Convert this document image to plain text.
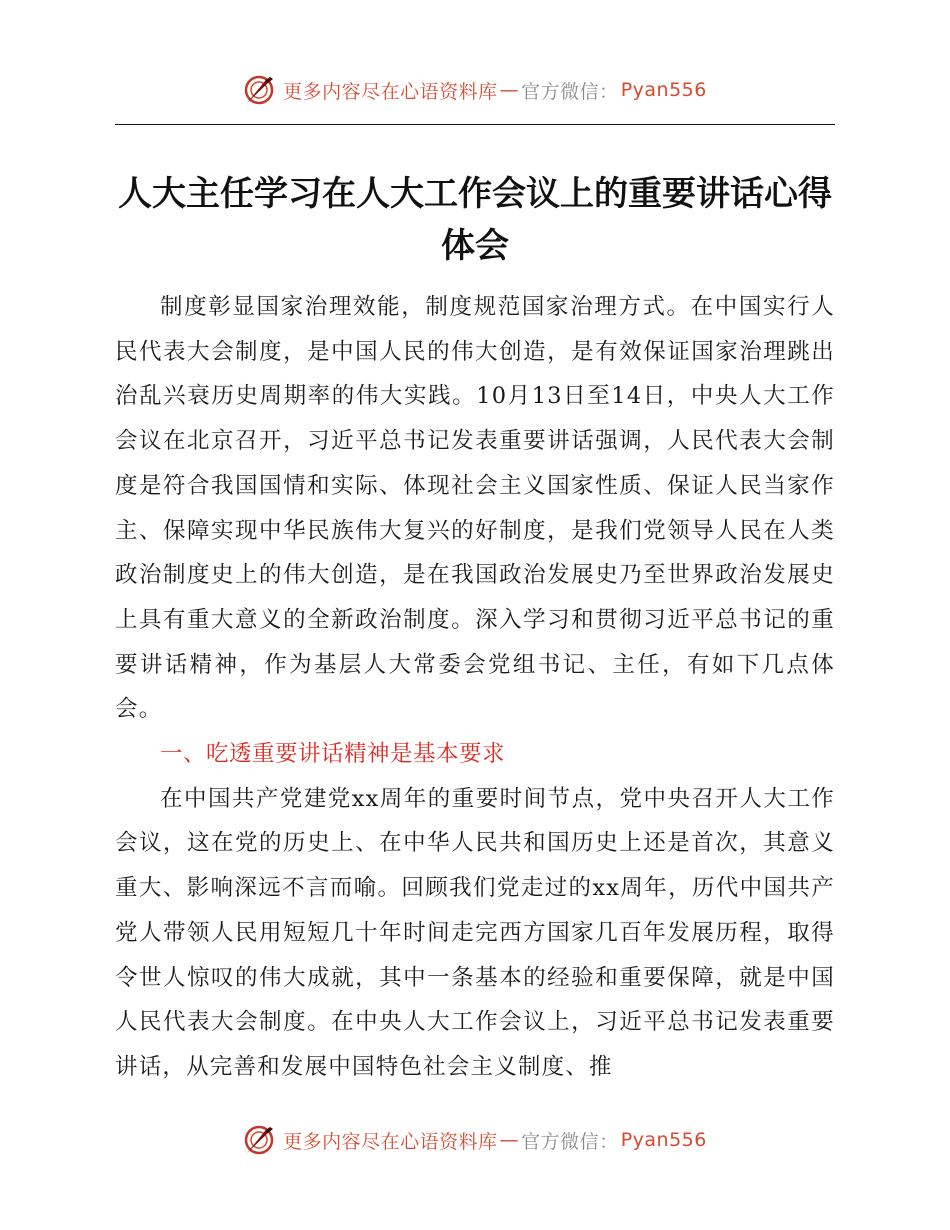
更多内容尽在心语资料库 — 官方微信： Pyan556
人大主任学习在人大工作会议上的重要讲话心得
体会

制度彰显国家治理效能，制度规范国家治理方式。在中国实行人民代表大会制度，是中国人民的伟大创造，是有效保证国家治理跳出治乱兴衰历史周期率的伟大实践。10月13日至14日，中央人大工作会议在北京召开，习近平总书记发表重要讲话强调，人民代表大会制度是符合我国国情和实际、体现社会主义国家性质、保证人民当家作主、保障实现中华民族伟大复兴的好制度，是我们党领导人民在人类政治制度史上的伟大创造，是在我国政治发展史乃至世界政治发展史上具有重大意义的全新政治制度。深入学习和贯彻习近平总书记的重要讲话精神，作为基层人大常委会党组书记、主任，有如下几点体会。

一、吃透重要讲话精神是基本要求

在中国共产党建党xx周年的重要时间节点，党中央召开人大工作会议，这在党的历史上、在中华人民共和国历史上还是首次，其意义重大、影响深远不言而喻。回顾我们党走过的xx周年，历代中国共产党人带领人民用短短几十年时间走完西方国家几百年发展历程，取得令世人惊叹的伟大成就，其中一条基本的经验和重要保障，就是中国人民代表大会制度。在中央人大工作会议上，习近平总书记发表重要讲话，从完善和发展中国特色社会主义制度、推

更多内容尽在心语资料库 — 官方微信： Pyan556
